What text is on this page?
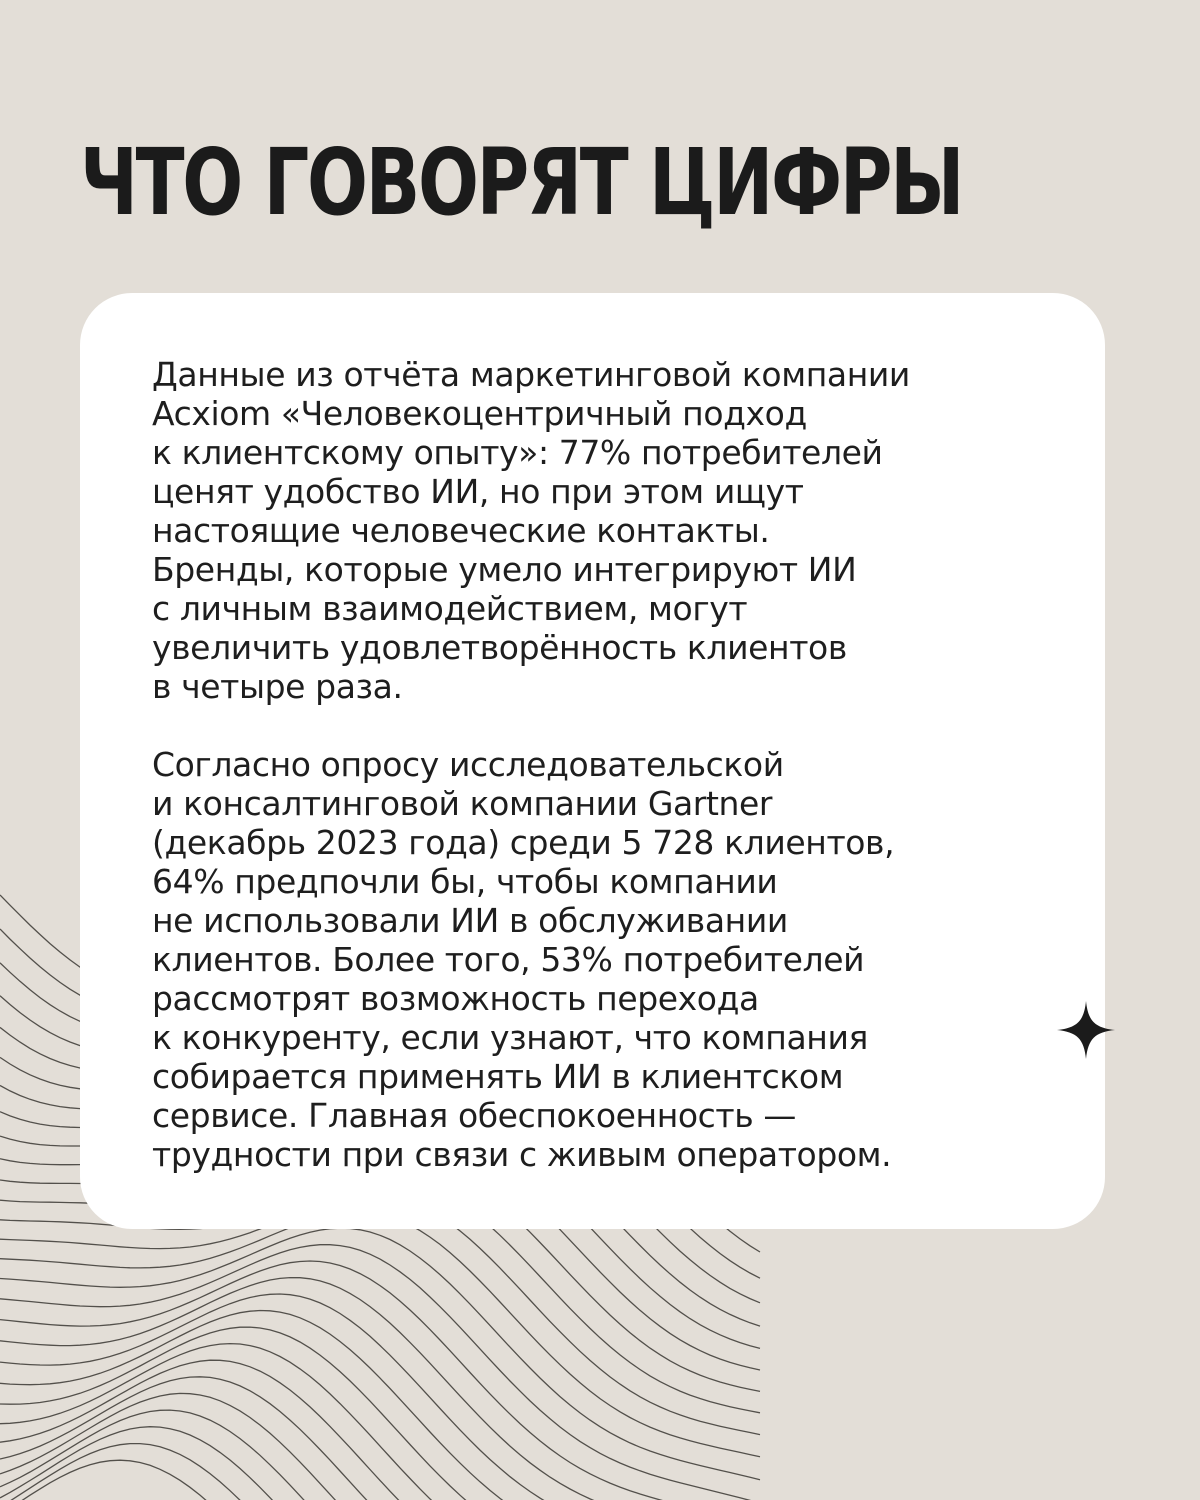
ЧТО ГОВОРЯТ ЦИФРЫ

Данные из отчёта маркетинговой компании
Acxiom «Человекоцентричный подход
к клиентскому опыту»: 77% потребителей
ценят удобство ИИ, но при этом ищут
настоящие человеческие контакты.
Бренды, которые умело интегрируют ИИ
с личным взаимодействием, могут
увеличить удовлетворённость клиентов
в четыре раза.

Согласно опросу исследовательской
и консалтинговой компании Gartner
(декабрь 2023 года) среди 5 728 клиентов,
64% предпочли бы, чтобы компании
не использовали ИИ в обслуживании
клиентов. Более того, 53% потребителей
рассмотрят возможность перехода
к конкуренту, если узнают, что компания
собирается применять ИИ в клиентском
сервисе. Главная обеспокоенность —
трудности при связи с живым оператором.
